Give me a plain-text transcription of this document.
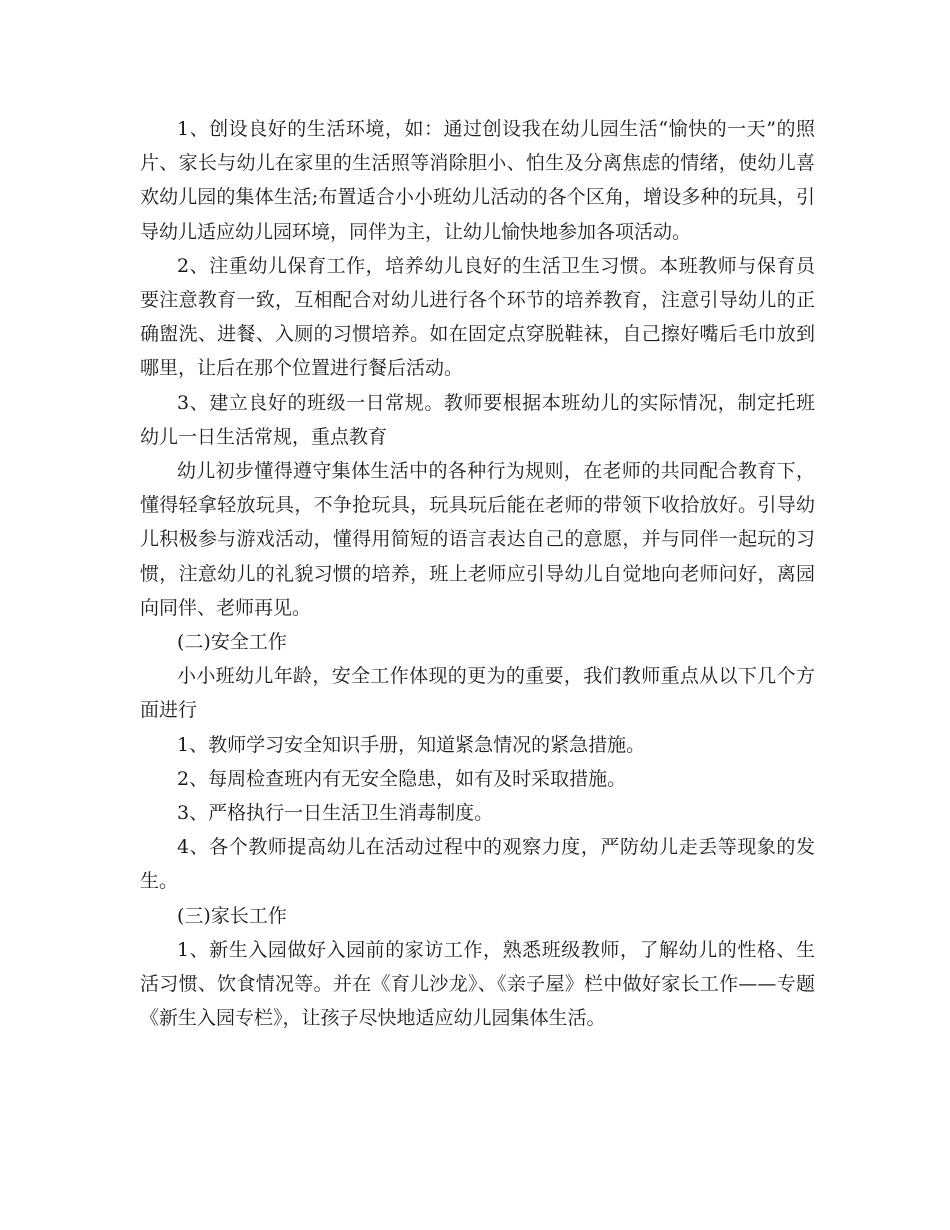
1、创设良好的生活环境，如：通过创设我在幼儿园生活“愉快的一天”的照片、家长与幼儿在家里的生活照等消除胆小、怕生及分离焦虑的情绪，使幼儿喜欢幼儿园的集体生活;布置适合小小班幼儿活动的各个区角，增设多种的玩具，引导幼儿适应幼儿园环境，同伴为主，让幼儿愉快地参加各项活动。

2、注重幼儿保育工作，培养幼儿良好的生活卫生习惯。本班教师与保育员要注意教育一致，互相配合对幼儿进行各个环节的培养教育，注意引导幼儿的正确盥洗、进餐、入厕的习惯培养。如在固定点穿脱鞋袜，自己擦好嘴后毛巾放到哪里，让后在那个位置进行餐后活动。

3、建立良好的班级一日常规。教师要根据本班幼儿的实际情况，制定托班幼儿一日生活常规，重点教育

幼儿初步懂得遵守集体生活中的各种行为规则，在老师的共同配合教育下，懂得轻拿轻放玩具，不争抢玩具，玩具玩后能在老师的带领下收拾放好。引导幼儿积极参与游戏活动，懂得用简短的语言表达自己的意愿，并与同伴一起玩的习惯，注意幼儿的礼貌习惯的培养，班上老师应引导幼儿自觉地向老师问好，离园向同伴、老师再见。

(二)安全工作

小小班幼儿年龄，安全工作体现的更为的重要，我们教师重点从以下几个方面进行

1、教师学习安全知识手册，知道紧急情况的紧急措施。

2、每周检查班内有无安全隐患，如有及时采取措施。

3、严格执行一日生活卫生消毒制度。

4、各个教师提高幼儿在活动过程中的观察力度，严防幼儿走丢等现象的发生。

(三)家长工作

1、新生入园做好入园前的家访工作，熟悉班级教师，了解幼儿的性格、生活习惯、饮食情况等。并在《育儿沙龙》、《亲子屋》栏中做好家长工作——专题《新生入园专栏》，让孩子尽快地适应幼儿园集体生活。
